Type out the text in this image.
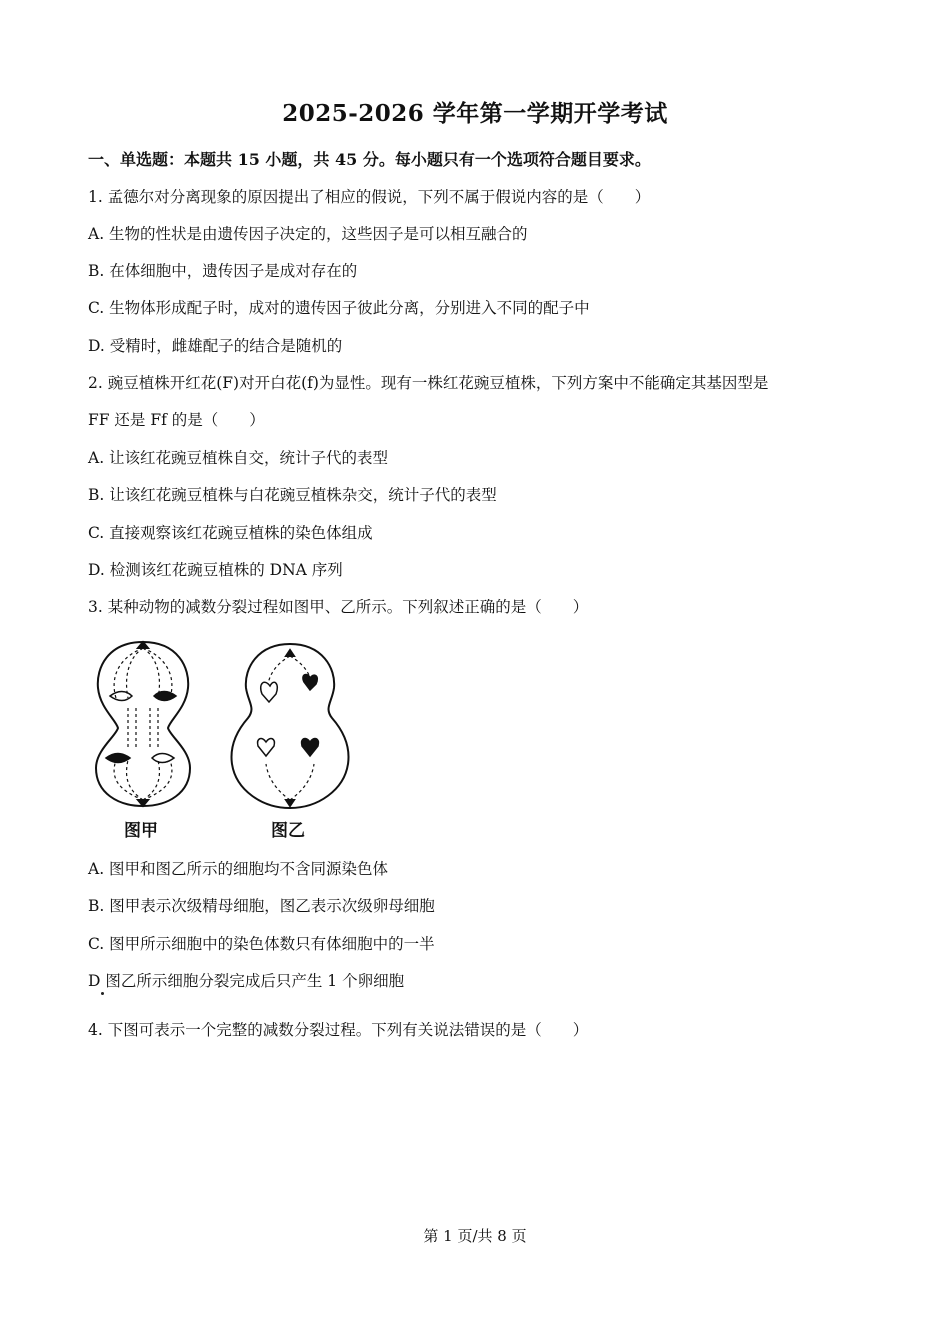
2025-2026 学年第一学期开学考试
一、单选题：本题共 15 小题，共 45 分。每小题只有一个选项符合题目要求。
1. 孟德尔对分离现象的原因提出了相应的假说，下列不属于假说内容的是（　　）
A. 生物的性状是由遗传因子决定的，这些因子是可以相互融合的
B. 在体细胞中，遗传因子是成对存在的
C. 生物体形成配子时，成对的遗传因子彼此分离，分别进入不同的配子中
D. 受精时，雌雄配子的结合是随机的
2. 豌豆植株开红花(F)对开白花(f)为显性。现有一株红花豌豆植株，下列方案中不能确定其基因型是
FF 还是 Ff 的是（　　）
A. 让该红花豌豆植株自交，统计子代的表型
B. 让该红花豌豆植株与白花豌豆植株杂交，统计子代的表型
C. 直接观察该红花豌豆植株的染色体组成
D. 检测该红花豌豆植株的 DNA 序列
3. 某种动物的减数分裂过程如图甲、乙所示。下列叙述正确的是（　　）
图甲	图乙
A. 图甲和图乙所示的细胞均不含同源染色体
B. 图甲表示次级精母细胞，图乙表示次级卵母细胞
C. 图甲所示细胞中的染色体数只有体细胞中的一半
D 图乙所示细胞分裂完成后只产生 1 个卵细胞
4. 下图可表示一个完整的减数分裂过程。下列有关说法错误的是（　　）
第 1 页/共 8 页
